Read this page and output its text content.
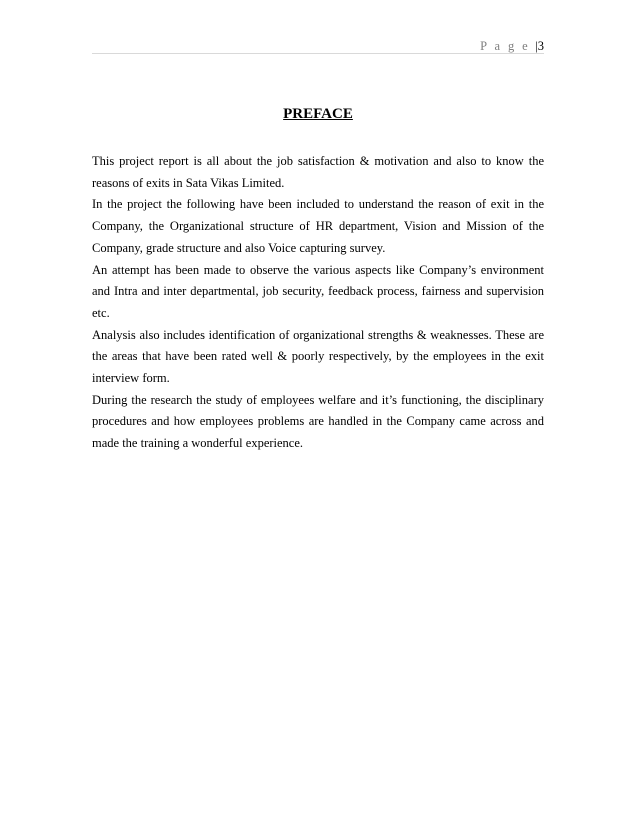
P a g e |3
PREFACE

This project report is all about the job satisfaction & motivation and also to know the reasons of exits in Sata Vikas Limited.

In the project the following have been included to understand the reason of exit in the Company, the Organizational structure of HR department, Vision and Mission of the Company, grade structure and also Voice capturing survey.

An attempt has been made to observe the various aspects like Company’s environment and Intra and inter departmental, job security, feedback process, fairness and supervision etc.

Analysis also includes identification of organizational strengths & weaknesses. These are the areas that have been rated well & poorly respectively, by the employees in the exit interview form.

During the research the study of employees welfare and it’s functioning, the disciplinary procedures and how employees problems are handled in the Company came across and made the training a wonderful experience.
